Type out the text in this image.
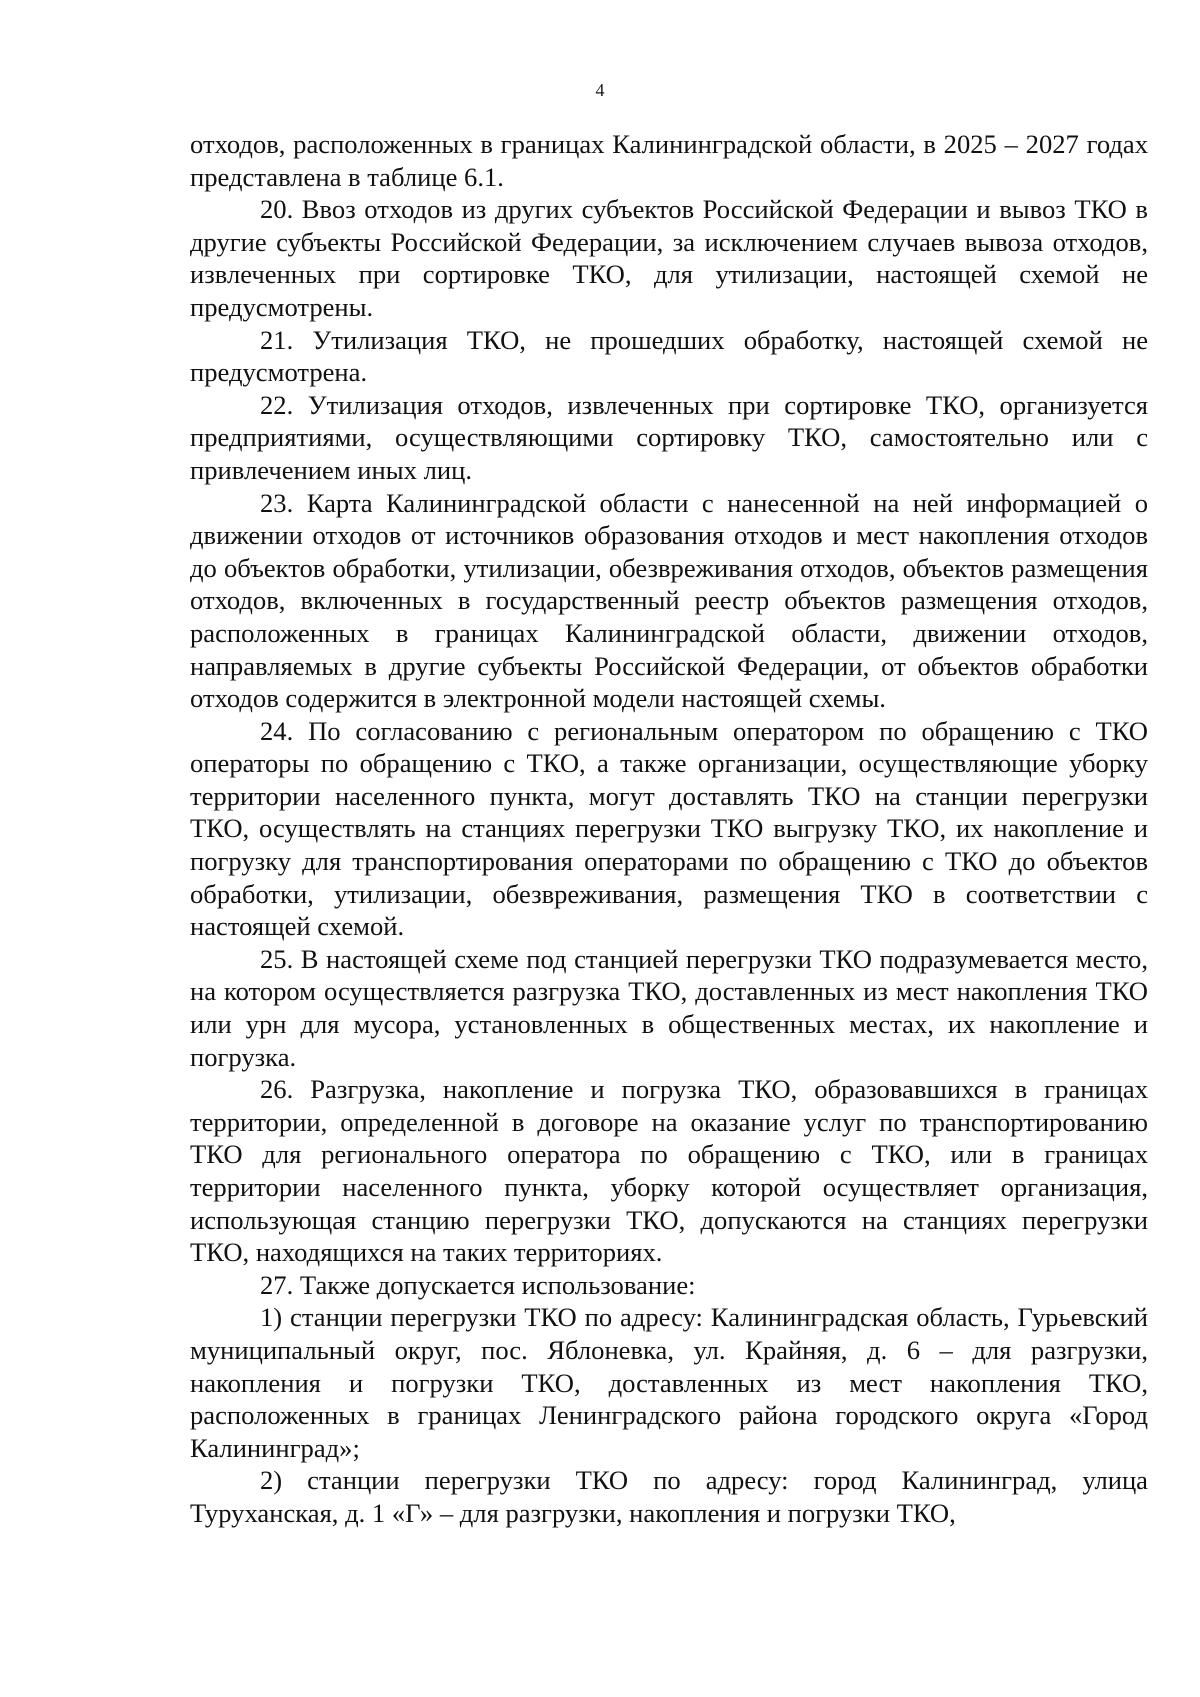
4

отходов, расположенных в границах Калининградской области, в 2025 – 2027 годах представлена в таблице 6.1.

20. Ввоз отходов из других субъектов Российской Федерации и вывоз ТКО в другие субъекты Российской Федерации, за исключением случаев вывоза отходов, извлеченных при сортировке ТКО, для утилизации, настоящей схемой не предусмотрены.

21. Утилизация ТКО, не прошедших обработку, настоящей схемой не предусмотрена.

22. Утилизация отходов, извлеченных при сортировке ТКО, организуется предприятиями, осуществляющими сортировку ТКО, самостоятельно или с привлечением иных лиц.

23. Карта Калининградской области с нанесенной на ней информацией о движении отходов от источников образования отходов и мест накопления отходов до объектов обработки, утилизации, обезвреживания отходов, объектов размещения отходов, включенных в государственный реестр объектов размещения отходов, расположенных в границах Калининградской области, движении отходов, направляемых в другие субъекты Российской Федерации, от объектов обработки отходов содержится в электронной модели настоящей схемы.

24. По согласованию с региональным оператором по обращению с ТКО операторы по обращению с ТКО, а также организации, осуществляющие уборку территории населенного пункта, могут доставлять ТКО на станции перегрузки ТКО, осуществлять на станциях перегрузки ТКО выгрузку ТКО, их накопление и погрузку для транспортирования операторами по обращению с ТКО до объектов обработки, утилизации, обезвреживания, размещения ТКО в соответствии с настоящей схемой.

25. В настоящей схеме под станцией перегрузки ТКО подразумевается место, на котором осуществляется разгрузка ТКО, доставленных из мест накопления ТКО или урн для мусора, установленных в общественных местах, их накопление и погрузка.

26. Разгрузка, накопление и погрузка ТКО, образовавшихся в границах территории, определенной в договоре на оказание услуг по транспортированию ТКО для регионального оператора по обращению с ТКО, или в границах территории населенного пункта, уборку которой осуществляет организация, использующая станцию перегрузки ТКО, допускаются на станциях перегрузки ТКО, находящихся на таких территориях.

27. Также допускается использование:

1) станции перегрузки ТКО по адресу: Калининградская область, Гурьевский муниципальный округ, пос. Яблоневка, ул. Крайняя, д. 6 – для разгрузки, накопления и погрузки ТКО, доставленных из мест накопления ТКО, расположенных в границах Ленинградского района городского округа «Город Калининград»;

2) станции перегрузки ТКО по адресу: город Калининград, улица Туруханская, д. 1 «Г» – для разгрузки, накопления и погрузки ТКО,
